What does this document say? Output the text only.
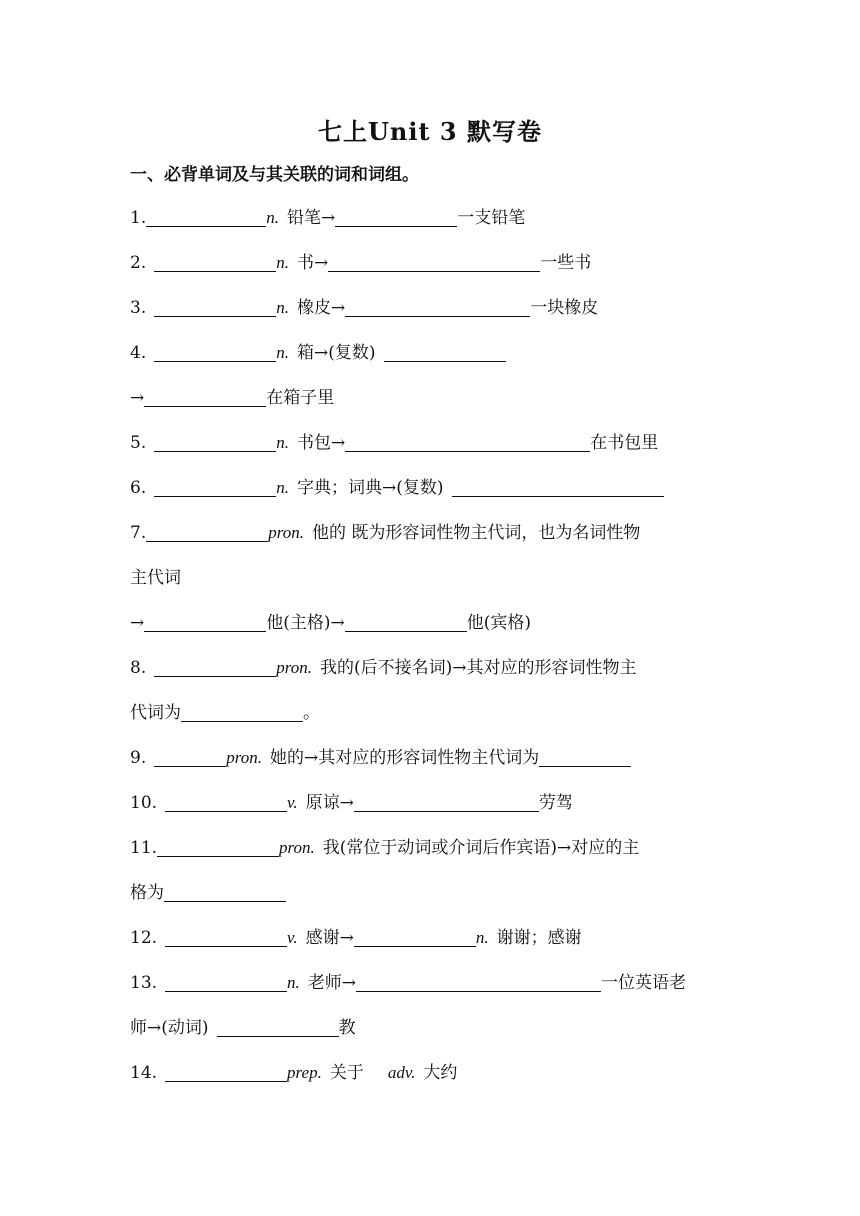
七上Unit 3 默写卷
一、必背单词及与其关联的词和词组。
1.	n. 铅笔→	一支铅笔
2.	n. 书→	一些书
3.	n. 橡皮→	一块橡皮
4.	n. 箱→(复数)
→	在箱子里
5.	n. 书包→	在书包里
6.	n. 字典；词典→(复数)
7.	pron. 他的 既为形容词性物主代词，也为名词性物
主代词
→	他(主格)→	他(宾格)
8.	pron. 我的(后不接名词)→其对应的形容词性物主
代词为	。
9.	pron. 她的→其对应的形容词性物主代词为
10.	v. 原谅→	劳驾
11.	pron. 我(常位于动词或介词后作宾语)→对应的主
格为
12.	v. 感谢→	n. 谢谢；感谢
13.	n. 老师→	一位英语老
师→(动词)	教
14.	prep. 关于 adv. 大约
